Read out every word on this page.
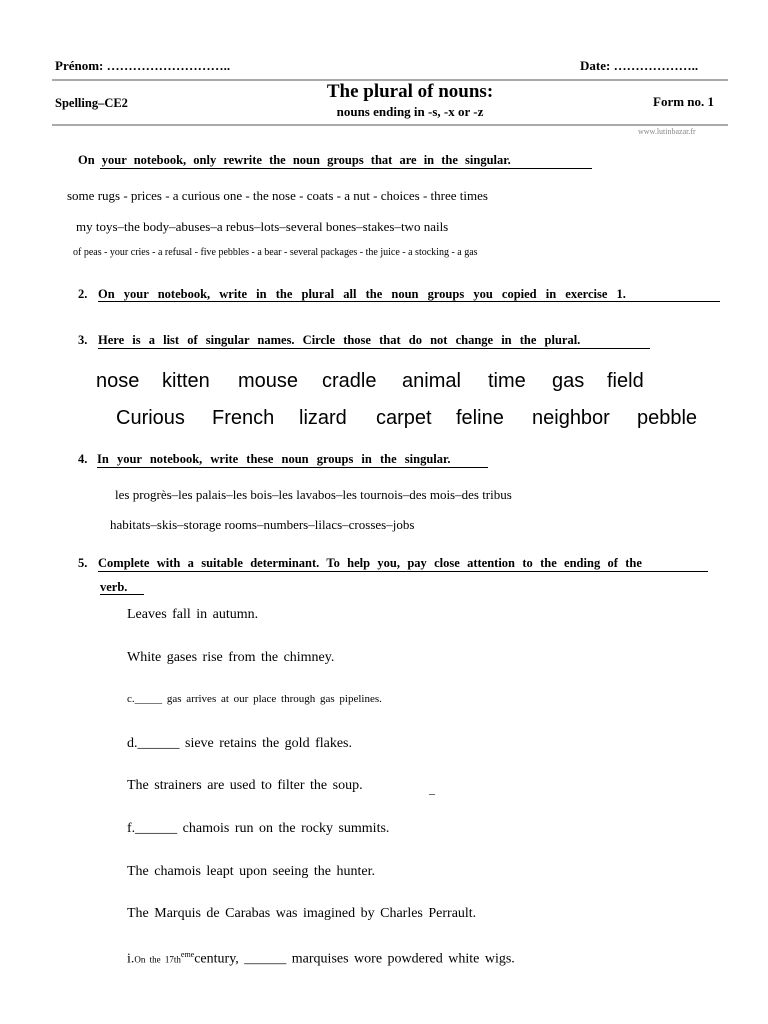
Prénom: ………………………..	Date: ………………..
Spelling–CE2
The plural of nouns:
nouns ending in -s, -x or -z
Form no. 1
www.lutinbazar.fr
On your notebook, only rewrite the noun groups that are in the singular.
some rugs - prices - a curious one - the nose - coats - a nut - choices - three times
my toys–the body–abuses–a rebus–lots–several bones–stakes–two nails
of peas - your cries - a refusal - five pebbles - a bear - several packages - the juice - a stocking - a gas
2. On your notebook, write in the plural all the noun groups you copied in exercise 1.
3. Here is a list of singular names. Circle those that do not change in the plural.
nose kitten mouse cradle animal time gas field
Curious French lizard carpet feline neighbor pebble
4. In your notebook, write these noun groups in the singular.
les progrès–les palais–les bois–les lavabos–les tournois–des mois–des tribus
habitats–skis–storage rooms–numbers–lilacs–crosses–jobs
5. Complete with a suitable determinant. To help you, pay close attention to the ending of the
verb.
Leaves fall in autumn.
White gases rise from the chimney.
c._____ gas arrives at our place through gas pipelines.
d.______ sieve retains the gold flakes.
The strainers are used to filter the soup.	_
f.______ chamois run on the rocky summits.
The chamois leapt upon seeing the hunter.
The Marquis de Carabas was imagined by Charles Perrault.
i.On the $17th^{eme}century$, ______ marquises wore powdered white wigs.
